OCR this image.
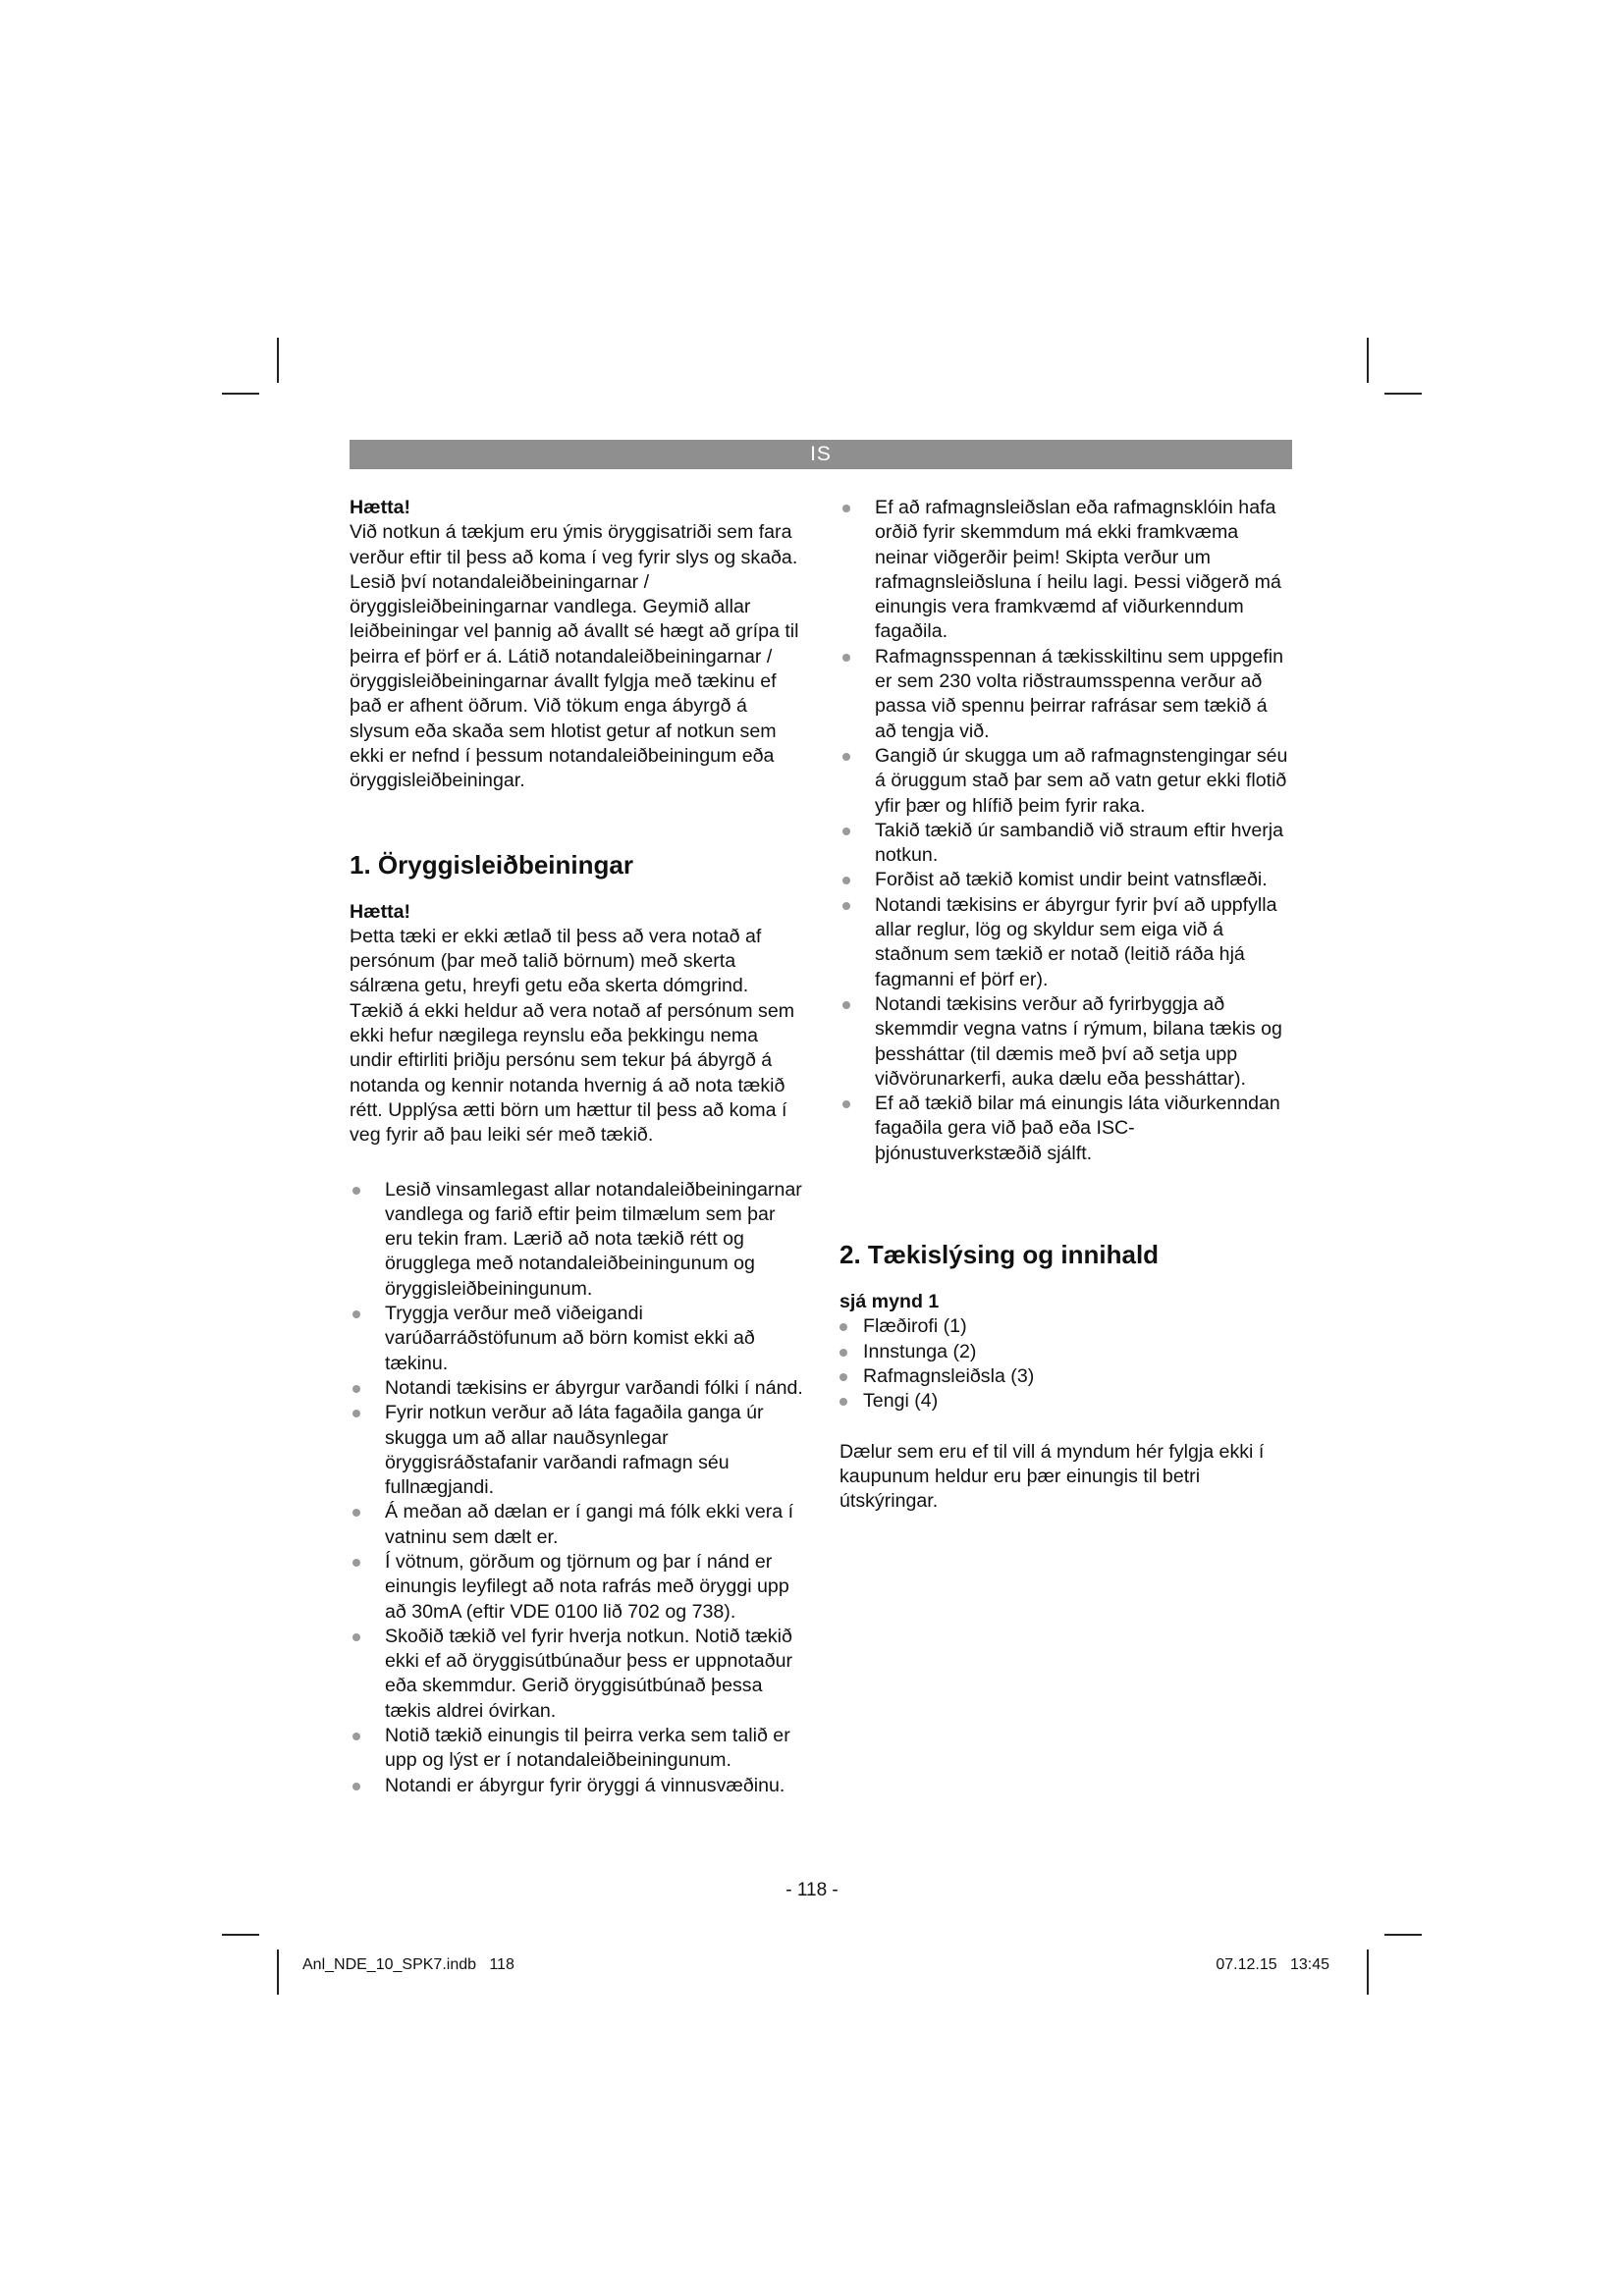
IS

Hætta!

Við notkun á tækjum eru ýmis öryggisatriði sem fara verður eftir til þess að koma í veg fyrir slys og skaða. Lesið því notandaleiðbeiningarnar / öryggisleiðbeiningarnar vandlega. Geymið allar leiðbeiningar vel þannig að ávallt sé hægt að grípa til þeirra ef þörf er á. Látið notandaleiðbeiningarnar / öryggisleiðbeiningarnar ávallt fylgja með tækinu ef það er afhent öðrum. Við tökum enga ábyrgð á slysum eða skaða sem hlotist getur af notkun sem ekki er nefnd í þessum notandaleiðbeiningum eða öryggisleiðbeiningar.

1. Öryggisleiðbeiningar

Hætta!

Þetta tæki er ekki ætlað til þess að vera notað af persónum (þar með talið börnum) með skerta sálræna getu, hreyfi getu eða skerta dómgrind. Tækið á ekki heldur að vera notað af persónum sem ekki hefur nægilega reynslu eða þekkingu nema undir eftirliti þriðju persónu sem tekur þá ábyrgð á notanda og kennir notanda hvernig á að nota tækið rétt. Upplýsa ætti börn um hættur til þess að koma í veg fyrir að þau leiki sér með tækið.

Lesið vinsamlegast allar notandaleiðbeiningarnar vandlega og farið eftir þeim tilmælum sem þar eru tekin fram. Lærið að nota tækið rétt og örugglega með notandaleiðbeiningunum og öryggisleiðbeiningunum.
Tryggja verður með viðeigandi varúðarráðstöfunum að börn komist ekki að tækinu.
Notandi tækisins er ábyrgur varðandi fólki í nánd.
Fyrir notkun verður að láta fagaðila ganga úr skugga um að allar nauðsynlegar öryggisráðstafanir varðandi rafmagn séu fullnægjandi.
Á meðan að dælan er í gangi má fólk ekki vera í vatninu sem dælt er.
Í vötnum, görðum og tjörnum og þar í nánd er einungis leyfilegt að nota rafrás með öryggi upp að 30mA (eftir VDE 0100 lið 702 og 738).
Skoðið tækið vel fyrir hverja notkun. Notið tækið ekki ef að öryggisútbúnaður þess er uppnotaður eða skemmdur. Gerið öryggisútbúnað þessa tækis aldrei óvirkan.
Notið tækið einungis til þeirra verka sem talið er upp og lýst er í notandaleiðbeiningunum.
Notandi er ábyrgur fyrir öryggi á vinnusvæðinu.
Ef að rafmagnsleiðslan eða rafmagnsklóin hafa orðið fyrir skemmdum má ekki framkvæma neinar viðgerðir þeim! Skipta verður um rafmagnsleiðsluna í heilu lagi. Þessi viðgerð má einungis vera framkvæmd af viðurkenndum fagaðila.
Rafmagnsspennan á tækisskiltinu sem uppgefin er sem 230 volta riðstraumsspenna verður að passa við spennu þeirrar rafrásar sem tækið á að tengja við.
Gangið úr skugga um að rafmagnstengingar séu á öruggum stað þar sem að vatn getur ekki flotið yfir þær og hlífið þeim fyrir raka.
Takið tækið úr sambandið við straum eftir hverja notkun.
Forðist að tækið komist undir beint vatnsflæði.
Notandi tækisins er ábyrgur fyrir því að uppfylla allar reglur, lög og skyldur sem eiga við á staðnum sem tækið er notað (leitið ráða hjá fagmanni ef þörf er).
Notandi tækisins verður að fyrirbyggja að skemmdir vegna vatns í rýmum, bilana tækis og þessháttar (til dæmis með því að setja upp viðvörunarkerfi, auka dælu eða þessháttar).
Ef að tækið bilar má einungis láta viðurkenndan fagaðila gera við það eða ISC-þjónustuverkstæðið sjálft.
2. Tækislýsing og innihald

sjá mynd 1

Flæðirofi (1)
Innstunga (2)
Rafmagnsleiðsla (3)
Tengi (4)

Dælur sem eru ef til vill á myndum hér fylgja ekki í kaupunum heldur eru þær einungis til betri útskýringar.

- 118 -
Anl_NDE_10_SPK7.indb   118	07.12.15   13:45
